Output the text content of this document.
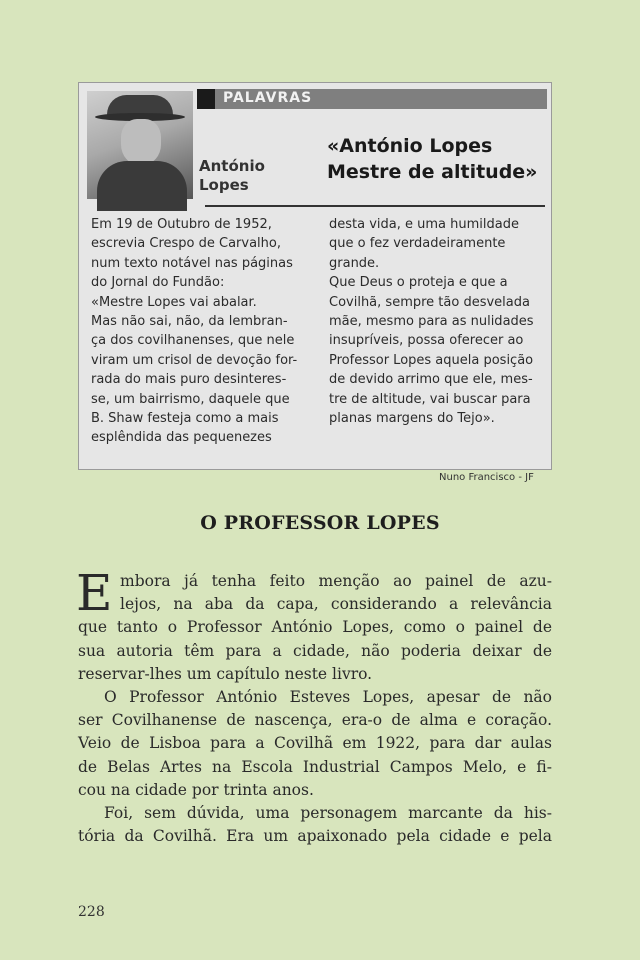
PALAVRAS
António
Lopes
«António Lopes
Mestre de altitude»
Em 19 de Outubro de 1952,
escrevia Crespo de Carvalho,
num texto notável nas páginas
do Jornal do Fundão:
«Mestre Lopes vai abalar.
Mas não sai, não, da lembran-
ça dos covilhanenses, que nele
viram um crisol de devoção for-
rada do mais puro desinteres-
se, um bairrismo, daquele que
B. Shaw festeja como a mais
esplêndida das pequenezes
desta vida, e uma humildade
que o fez verdadeiramente
grande.
Que Deus o proteja e que a
Covilhã, sempre tão desvelada
mãe, mesmo para as nulidades
insupríveis, possa oferecer ao
Professor Lopes aquela posição
de devido arrimo que ele, mes-
tre de altitude, vai buscar para
planas margens do Tejo».
Nuno Francisco - JF
O PROFESSOR LOPES
E mbora já tenha feito menção ao painel de azu-
lejos, na aba da capa, considerando a relevância
que tanto o Professor António Lopes, como o painel de
sua autoria têm para a cidade, não poderia deixar de
reservar-lhes um capítulo neste livro.
O Professor António Esteves Lopes, apesar de não
ser Covilhanense de nascença, era-o de alma e coração.
Veio de Lisboa para a Covilhã em 1922, para dar aulas
de Belas Artes na Escola Industrial Campos Melo, e fi-
cou na cidade por trinta anos.
Foi, sem dúvida, uma personagem marcante da his-
tória da Covilhã. Era um apaixonado pela cidade e pela
228
